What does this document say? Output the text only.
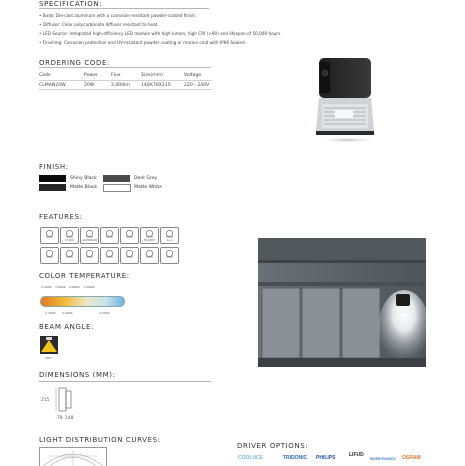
SPECIFICATION:
• Body: Die-cast aluminum with a corrosion-resistant powder-coated finish.
• Diffuser: Clear polycarbonate diffuser resistant to heat.
• LED Source: Integrated high-efficiency LED module with high lumen, high CRI (>90) and lifespan of 50,000 hours.
• Finishing: Corrosion protection and UV-resistant powder coating or marine coat with IP66 Sealed.
ORDERING CODE:
Code	Power	Flux	Size(mm)	Voltage
CLMAN20W	20W	2,000lm	148X78X215	220 - 240V
FINISH:
Shiny Black	Dark Grey
Matte Black	Matte White
FEATURES:
IP 100	ALUMINIUM	50,000H	A++
COLOR TEMPERATURE:
2,200K 3,000K 4,000K 5,000K
2,700K 3,500K	4,500K
BEAM ANGLE:
180°
DIMENSIONS (MM):
215
78 148
LIGHT DISTRIBUTION CURVES:
DRIVER OPTIONS:
COOLUCE	TRIDONIC PHILIPS	LIFUD
INVENTRONICS OSRAM
